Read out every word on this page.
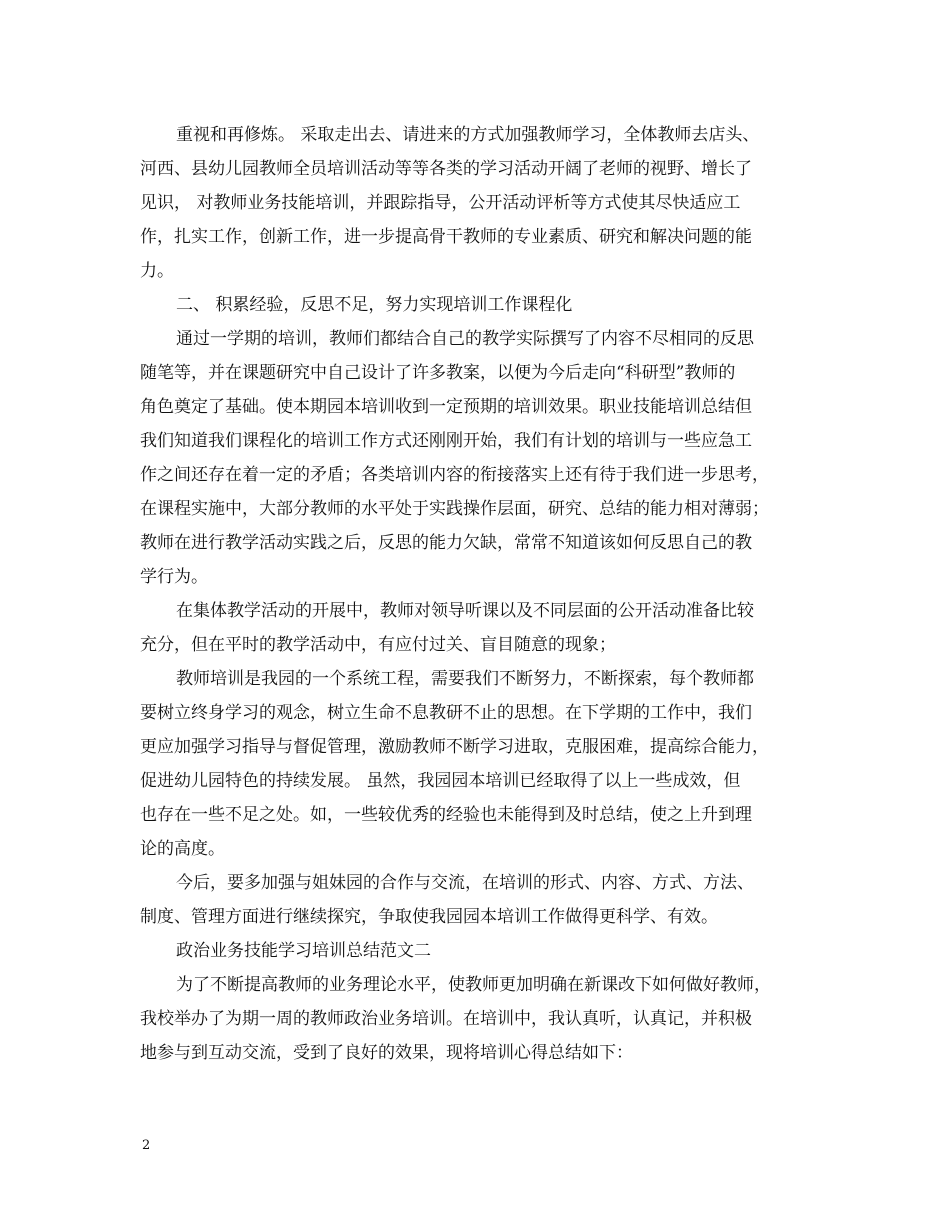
重视和再修炼。 采取走出去、请进来的方式加强教师学习，全体教师去店头、
河西、县幼儿园教师全员培训活动等等各类的学习活动开阔了老师的视野、增长了
见识， 对教师业务技能培训，并跟踪指导，公开活动评析等方式使其尽快适应工
作，扎实工作，创新工作，进一步提高骨干教师的专业素质、研究和解决问题的能
力。
二、 积累经验，反思不足，努力实现培训工作课程化
通过一学期的培训，教师们都结合自己的教学实际撰写了内容不尽相同的反思
随笔等，并在课题研究中自己设计了许多教案，以便为今后走向“科研型”教师的
角色奠定了基础。使本期园本培训收到一定预期的培训效果。职业技能培训总结但
我们知道我们课程化的培训工作方式还刚刚开始，我们有计划的培训与一些应急工
作之间还存在着一定的矛盾；各类培训内容的衔接落实上还有待于我们进一步思考，
在课程实施中，大部分教师的水平处于实践操作层面，研究、总结的能力相对薄弱；
教师在进行教学活动实践之后，反思的能力欠缺，常常不知道该如何反思自己的教
学行为。
在集体教学活动的开展中，教师对领导听课以及不同层面的公开活动准备比较
充分，但在平时的教学活动中，有应付过关、盲目随意的现象；
教师培训是我园的一个系统工程，需要我们不断努力，不断探索，每个教师都
要树立终身学习的观念，树立生命不息教研不止的思想。在下学期的工作中，我们
更应加强学习指导与督促管理，激励教师不断学习进取，克服困难，提高综合能力，
促进幼儿园特色的持续发展。 虽然，我园园本培训已经取得了以上一些成效，但
也存在一些不足之处。如，一些较优秀的经验也未能得到及时总结，使之上升到理
论的高度。
今后，要多加强与姐妹园的合作与交流，在培训的形式、内容、方式、方法、
制度、管理方面进行继续探究，争取使我园园本培训工作做得更科学、有效。
政治业务技能学习培训总结范文二
为了不断提高教师的业务理论水平，使教师更加明确在新课改下如何做好教师，
我校举办了为期一周的教师政治业务培训。在培训中，我认真听，认真记，并积极
地参与到互动交流，受到了良好的效果，现将培训心得总结如下：
2
